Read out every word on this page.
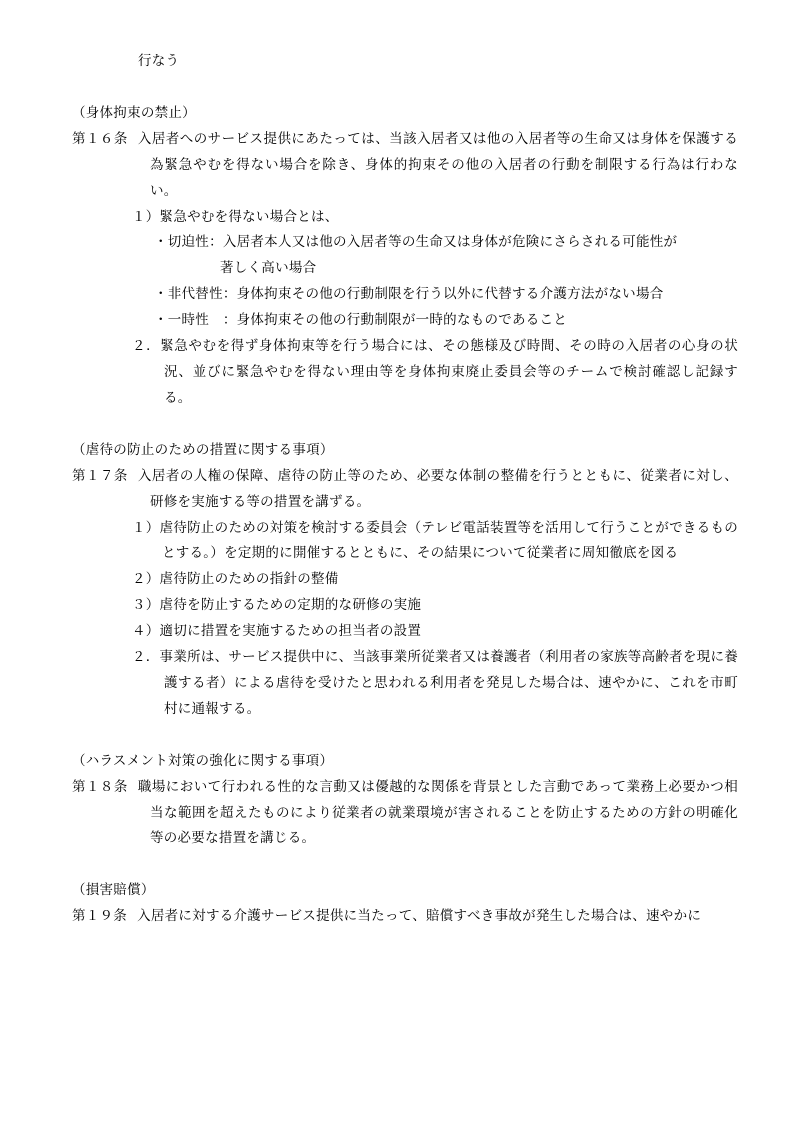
行なう

（身体拘束の禁止）

第１６条 入居者へのサービス提供にあたっては、当該入居者又は他の入居者等の生命又は身体を保護する為緊急やむを得ない場合を除き、身体的拘束その他の入居者の行動を制限する行為は行わない。

１）緊急やむを得ない場合とは、

・切迫性：入居者本人又は他の入居者等の生命又は身体が危険にさらされる可能性が

著しく高い場合

・非代替性：身体拘束その他の行動制限を行う以外に代替する介護方法がない場合

・一時性　：身体拘束その他の行動制限が一時的なものであること

２．緊急やむを得ず身体拘束等を行う場合には、その態様及び時間、その時の入居者の心身の状況、並びに緊急やむを得ない理由等を身体拘束廃止委員会等のチームで検討確認し記録する。

（虐待の防止のための措置に関する事項）

第１７条 入居者の人権の保障、虐待の防止等のため、必要な体制の整備を行うとともに、従業者に対し、研修を実施する等の措置を講ずる。

１）虐待防止のための対策を検討する委員会（テレビ電話装置等を活用して行うことができるものとする。）を定期的に開催するとともに、その結果について従業者に周知徹底を図る

２）虐待防止のための指針の整備

３）虐待を防止するための定期的な研修の実施

４）適切に措置を実施するための担当者の設置

２．事業所は、サービス提供中に、当該事業所従業者又は養護者（利用者の家族等高齢者を現に養護する者）による虐待を受けたと思われる利用者を発見した場合は、速やかに、これを市町村に通報する。

（ハラスメント対策の強化に関する事項）

第１８条 職場において行われる性的な言動又は優越的な関係を背景とした言動であって業務上必要かつ相当な範囲を超えたものにより従業者の就業環境が害されることを防止するための方針の明確化等の必要な措置を講じる。

（損害賠償）

第１９条 入居者に対する介護サービス提供に当たって、賠償すべき事故が発生した場合は、速やかに
